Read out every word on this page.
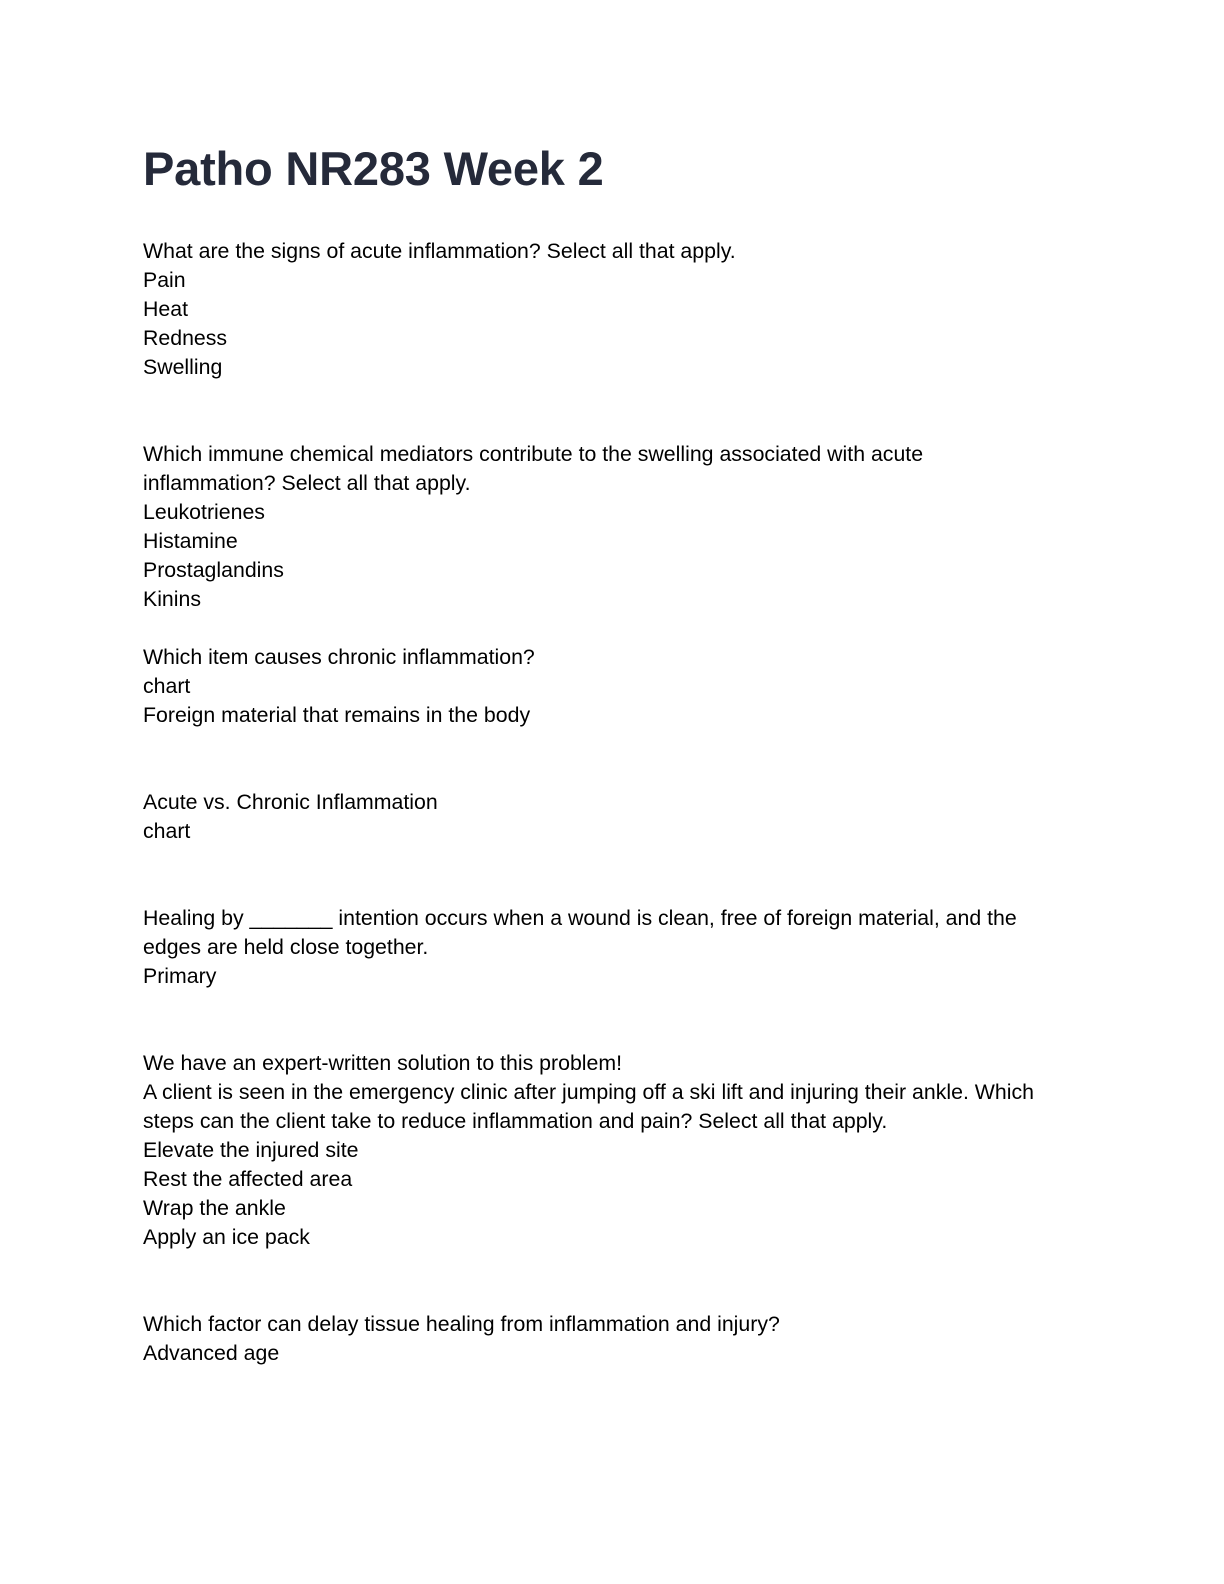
Patho NR283 Week 2
What are the signs of acute inflammation? Select all that apply.
Pain
Heat
Redness
Swelling
Which immune chemical mediators contribute to the swelling associated with acute
inflammation? Select all that apply.
Leukotrienes
Histamine
Prostaglandins
Kinins
Which item causes chronic inflammation?
chart
Foreign material that remains in the body
Acute vs. Chronic Inflammation
chart
Healing by _______ intention occurs when a wound is clean, free of foreign material, and the
edges are held close together.
Primary
We have an expert-written solution to this problem!
A client is seen in the emergency clinic after jumping off a ski lift and injuring their ankle. Which
steps can the client take to reduce inflammation and pain? Select all that apply.
Elevate the injured site
Rest the affected area
Wrap the ankle
Apply an ice pack
Which factor can delay tissue healing from inflammation and injury?
Advanced age
